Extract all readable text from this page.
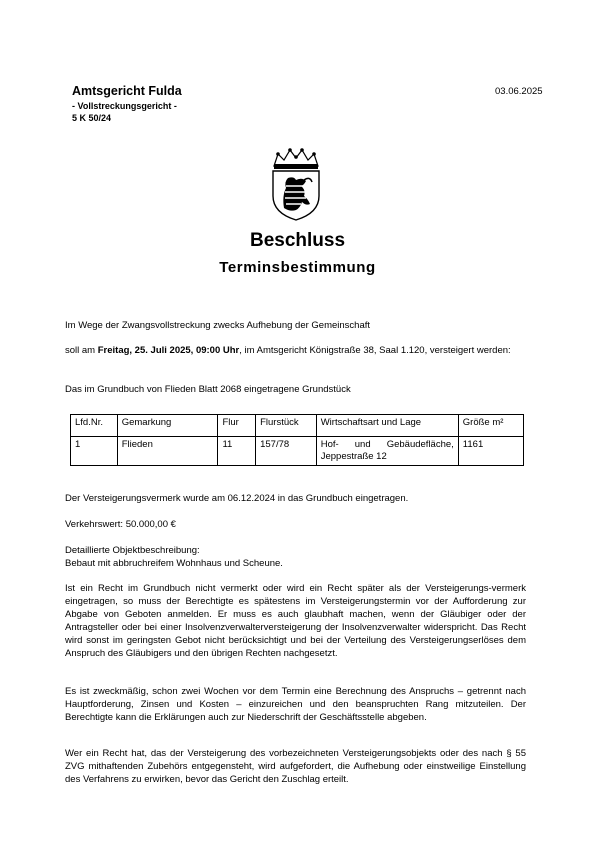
Amtsgericht Fulda
- Vollstreckungsgericht -
5 K 50/24
03.06.2025
Beschluss
Terminsbestimmung
Im Wege der Zwangsvollstreckung zwecks Aufhebung der Gemeinschaft
soll am Freitag, 25. Juli 2025, 09:00 Uhr, im Amtsgericht Königstraße 38, Saal 1.120, versteigert werden:
Das im Grundbuch von Flieden Blatt 2068 eingetragene Grundstück
Lfd.Nr.	Gemarkung	Flur	Flurstück	Wirtschaftsart und Lage	Größe m²
1	Flieden	11	157/78	Hof- und Gebäudefläche, Jeppestraße 12	1161
Der Versteigerungsvermerk wurde am 06.12.2024 in das Grundbuch eingetragen.
Verkehrswert: 50.000,00 €
Detaillierte Objektbeschreibung:
Bebaut mit abbruchreifem Wohnhaus und Scheune.
Ist ein Recht im Grundbuch nicht vermerkt oder wird ein Recht später als der Versteigerungs-vermerk eingetragen, so muss der Berechtigte es spätestens im Versteigerungstermin vor der Aufforderung zur Abgabe von Geboten anmelden. Er muss es auch glaubhaft machen, wenn der Gläubiger oder der Antragsteller oder bei einer Insolvenzverwalterversteigerung der Insolvenzverwalter widerspricht. Das Recht wird sonst im geringsten Gebot nicht berücksichtigt und bei der Verteilung des Versteigerungserlöses dem Anspruch des Gläubigers und den übrigen Rechten nachgesetzt.
Es ist zweckmäßig, schon zwei Wochen vor dem Termin eine Berechnung des Anspruchs – getrennt nach Hauptforderung, Zinsen und Kosten – einzureichen und den beanspruchten Rang mitzuteilen. Der Berechtigte kann die Erklärungen auch zur Niederschrift der Geschäftsstelle abgeben.
Wer ein Recht hat, das der Versteigerung des vorbezeichneten Versteigerungsobjekts oder des nach § 55 ZVG mithaftenden Zubehörs entgegensteht, wird aufgefordert, die Aufhebung oder einstweilige Einstellung des Verfahrens zu erwirken, bevor das Gericht den Zuschlag erteilt.
